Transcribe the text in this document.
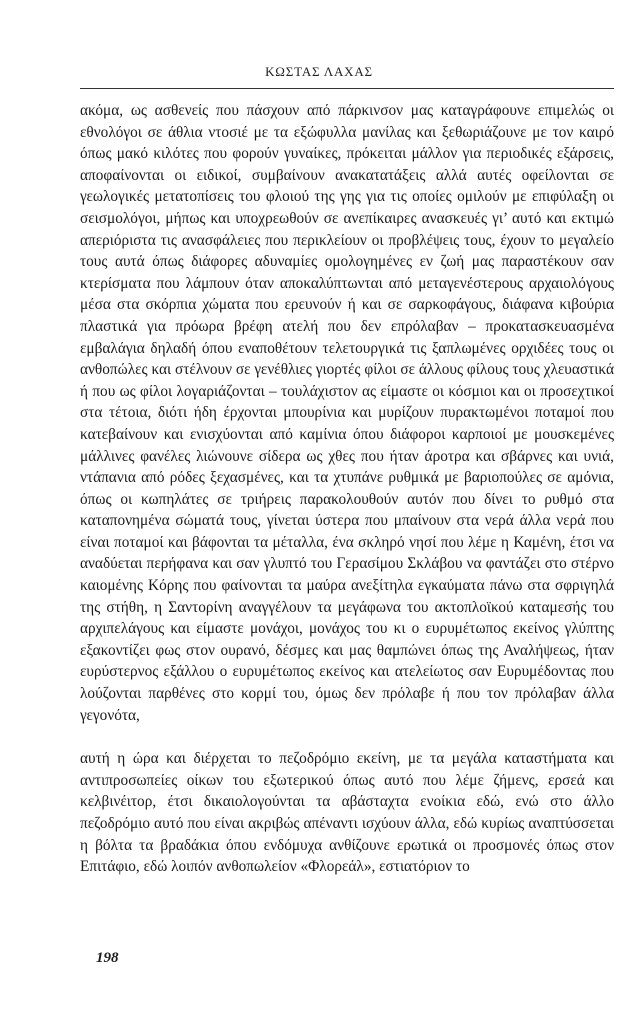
ΚΩΣΤΑΣ ΛΑΧΑΣ

ακόμα, ως ασθενείς που πάσχουν από πάρκινσον μας καταγράφουνε επιμελώς οι εθνολόγοι σε άθλια ντοσιέ με τα εξώφυλλα μανίλας και ξεθωριάζουνε με τον καιρό όπως μακό κιλότες που φορούν γυναίκες, πρόκειται μάλλον για περιοδικές εξάρσεις, αποφαίνονται οι ειδικοί, συμβαίνουν ανακατατάξεις αλλά αυτές οφείλονται σε γεωλογικές μετατοπίσεις του φλοιού της γης για τις οποίες ομιλούν με επιφύλαξη οι σεισμολόγοι, μήπως και υποχρεωθούν σε ανεπίκαιρες ανασκευές γι’ αυτό και εκτιμώ απεριόριστα τις ανασφάλειες που περικλείουν οι προβλέψεις τους, έχουν το μεγαλείο τους αυτά όπως διάφορες αδυναμίες ομολογημένες εν ζωή μας παραστέκουν σαν κτερίσματα που λάμπουν όταν αποκαλύπτωνται από μεταγενέστερους αρχαιολόγους μέσα στα σκόρπια χώματα που ερευνούν ή και σε σαρκοφάγους, διάφανα κιβούρια πλαστικά για πρόωρα βρέφη ατελή που δεν επρόλαβαν – προκατασκευασμένα εμβαλάγια δηλαδή όπου εναποθέτουν τελετουργικά τις ξαπλωμένες ορχιδέες τους οι ανθοπώλες και στέλνουν σε γενέθλιες γιορτές φίλοι σε άλλους φίλους τους χλευαστικά ή που ως φίλοι λογαριάζονται – τουλάχιστον ας είμαστε οι κόσμιοι και οι προσεχτικοί στα τέτοια, διότι ήδη έρχονται μπουρίνια και μυρίζουν πυρακτωμένοι ποταμοί που κατεβαίνουν και ενισχύονται από καμίνια όπου διάφοροι καρποιοί με μουσκεμένες μάλλινες φανέλες λιώνουνε σίδερα ως χθες που ήταν άροτρα και σβάρνες και υνιά, ντάπανια από ρόδες ξεχασμένες, και τα χτυπάνε ρυθμικά με βαριοπούλες σε αμόνια, όπως οι κωπηλάτες σε τριήρεις παρακολουθούν αυτόν που δίνει το ρυθμό στα καταπονημένα σώματά τους, γίνεται ύστερα που μπαίνουν στα νερά άλλα νερά που είναι ποταμοί και βάφονται τα μέταλλα, ένα σκληρό νησί που λέμε η Καμένη, έτσι να αναδύεται περήφανα και σαν γλυπτό του Γερασίμου Σκλάβου να φαντάζει στο στέρνο καιομένης Κόρης που φαίνονται τα μαύρα ανεξίτηλα εγκαύματα πάνω στα σφριγηλά της στήθη, η Σαντορίνη αναγγέλουν τα μεγάφωνα του ακτοπλοϊκού καταμεσής του αρχιπελάγους και είμαστε μονάχοι, μονάχος του κι ο ευρυμέτωπος εκείνος γλύπτης εξακοντίζει φως στον ουρανό, δέσμες και μας θαμπώνει όπως της Αναλήψεως, ήταν ευρύστερνος εξάλλου ο ευρυμέτωπος εκείνος και ατελείωτος σαν Ευρυμέδοντας που λούζονται παρθένες στο κορμί του, όμως δεν πρόλαβε ή που τον πρόλαβαν άλλα γεγονότα,

αυτή η ώρα και διέρχεται το πεζοδρόμιο εκείνη, με τα μεγάλα καταστήματα και αντιπροσωπείες οίκων του εξωτερικού όπως αυτό που λέμε ζήμενς, ερσεά και κελβινέιτορ, έτσι δικαιολογούνται τα αβάσταχτα ενοίκια εδώ, ενώ στο άλλο πεζοδρόμιο αυτό που είναι ακριβώς απέναντι ισχύουν άλλα, εδώ κυρίως αναπτύσσεται η βόλτα τα βραδάκια όπου ενδόμυχα ανθίζουνε ερωτικά οι προσμονές όπως στον Επιτάφιο, εδώ λοιπόν ανθοπωλείον «Φλορεάλ», εστιατόριον το

198
